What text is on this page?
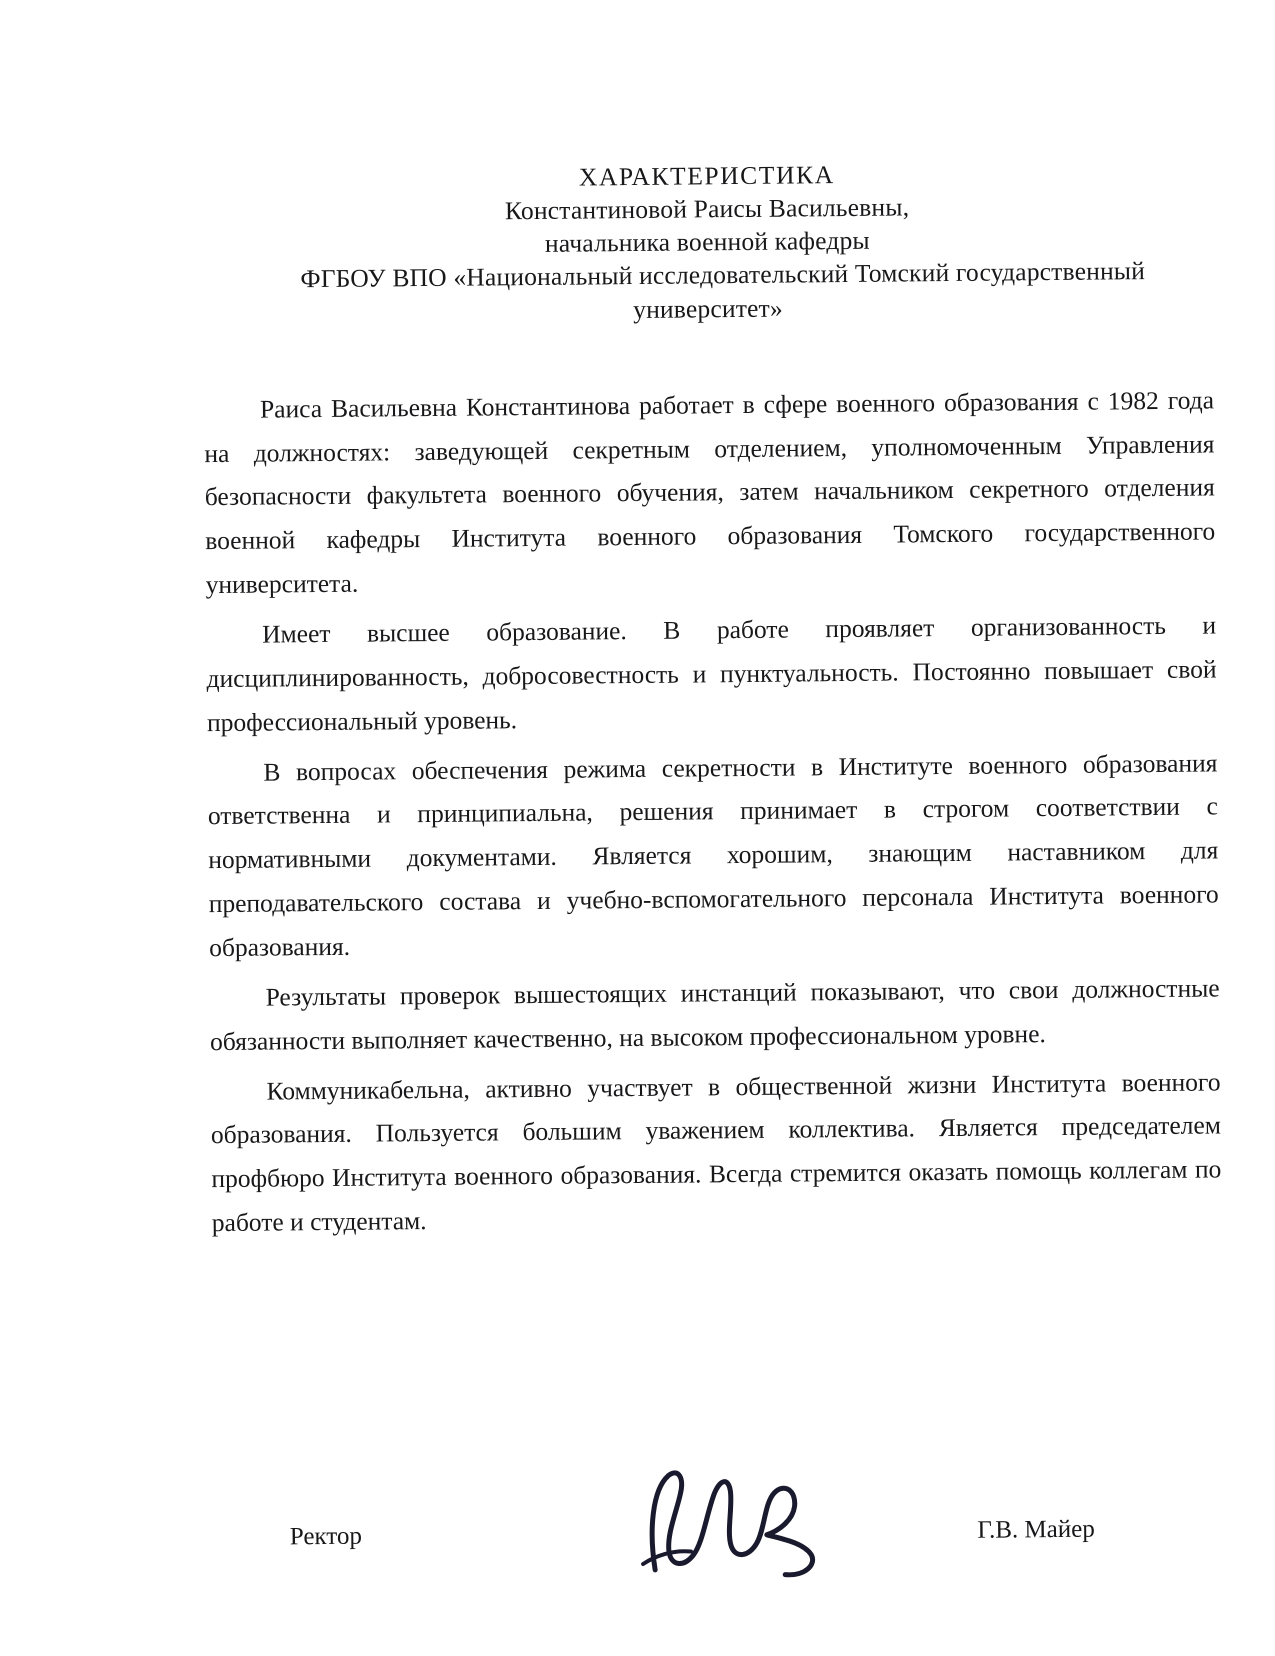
ХАРАКТЕРИСТИКА
Константиновой Раисы Васильевны,
начальника военной кафедры
ФГБОУ ВПО «Национальный исследовательский Томский государственный
университет»

Раиса Васильевна Константинова работает в сфере военного образования с 1982 года на должностях: заведующей секретным отделением, уполномоченным Управления безопасности факультета военного обучения, затем начальником секретного отделения военной кафедры Института военного образования Томского государственного университета.

Имеет высшее образование. В работе проявляет организованность и дисциплинированность, добросовестность и пунктуальность. Постоянно повышает свой профессиональный уровень.

В вопросах обеспечения режима секретности в Институте военного образования ответственна и принципиальна, решения принимает в строгом соответствии с нормативными документами. Является хорошим, знающим наставником для преподавательского состава и учебно-вспомогательного персонала Института военного образования.

Результаты проверок вышестоящих инстанций показывают, что свои должностные обязанности выполняет качественно, на высоком профессиональном уровне.

Коммуникабельна, активно участвует в общественной жизни Института военного образования. Пользуется большим уважением коллектива. Является председателем профбюро Института военного образования. Всегда стремится оказать помощь коллегам по работе и студентам.

Ректор	Г.В. Майер
